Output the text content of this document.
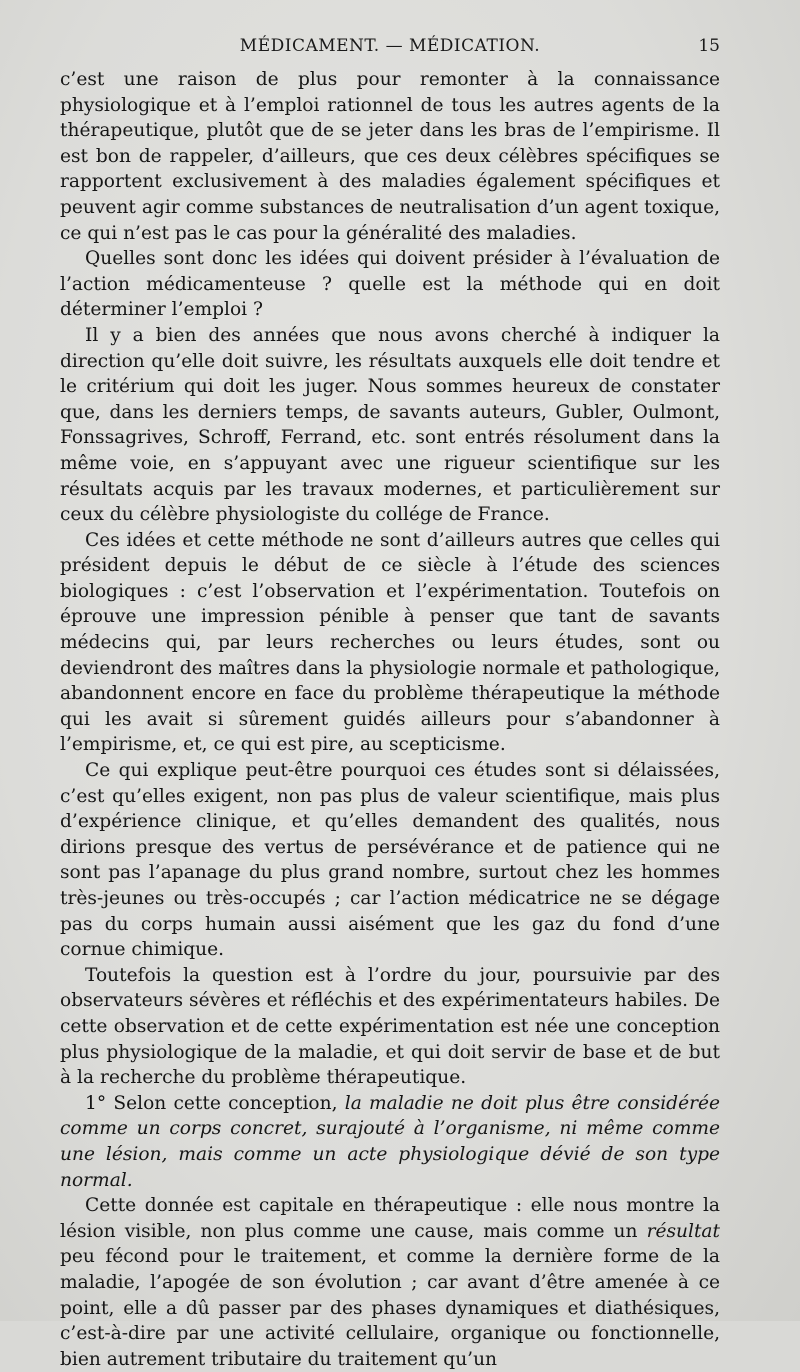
MÉDICAMENT. — MÉDICATION.	15

c’est une raison de plus pour remonter à la connaissance physiologique et à l’emploi rationnel de tous les autres agents de la thérapeutique, plutôt que de se jeter dans les bras de l’empirisme. Il est bon de rappeler, d’ailleurs, que ces deux célèbres spécifiques se rapportent exclusivement à des maladies également spécifiques et peuvent agir comme substances de neutralisation d’un agent toxique, ce qui n’est pas le cas pour la généralité des maladies.

Quelles sont donc les idées qui doivent présider à l’évaluation de l’action médicamenteuse ? quelle est la méthode qui en doit déterminer l’emploi ?

Il y a bien des années que nous avons cherché à indiquer la direction qu’elle doit suivre, les résultats auxquels elle doit tendre et le critérium qui doit les juger. Nous sommes heureux de constater que, dans les derniers temps, de savants auteurs, Gubler, Oulmont, Fonssagrives, Schroff, Ferrand, etc. sont entrés résolument dans la même voie, en s’appuyant avec une rigueur scientifique sur les résultats acquis par les travaux modernes, et particulièrement sur ceux du célèbre physiologiste du collége de France.

Ces idées et cette méthode ne sont d’ailleurs autres que celles qui président depuis le début de ce siècle à l’étude des sciences biologiques : c’est l’observation et l’expérimentation. Toutefois on éprouve une impression pénible à penser que tant de savants médecins qui, par leurs recherches ou leurs études, sont ou deviendront des maîtres dans la physiologie normale et pathologique, abandonnent encore en face du problème thérapeutique la méthode qui les avait si sûrement guidés ailleurs pour s’abandonner à l’empirisme, et, ce qui est pire, au scepticisme.

Ce qui explique peut-être pourquoi ces études sont si délaissées, c’est qu’elles exigent, non pas plus de valeur scientifique, mais plus d’expérience clinique, et qu’elles demandent des qualités, nous dirions presque des vertus de persévérance et de patience qui ne sont pas l’apanage du plus grand nombre, surtout chez les hommes très-jeunes ou très-occupés ; car l’action médicatrice ne se dégage pas du corps humain aussi aisément que les gaz du fond d’une cornue chimique.

Toutefois la question est à l’ordre du jour, poursuivie par des observateurs sévères et réfléchis et des expérimentateurs habiles. De cette observation et de cette expérimentation est née une conception plus physiologique de la maladie, et qui doit servir de base et de but à la recherche du problème thérapeutique.

1° Selon cette conception, la maladie ne doit plus être considérée comme un corps concret, surajouté à l’organisme, ni même comme une lésion, mais comme un acte physiologique dévié de son type normal.

Cette donnée est capitale en thérapeutique : elle nous montre la lésion visible, non plus comme une cause, mais comme un résultat peu fécond pour le traitement, et comme la dernière forme de la maladie, l’apogée de son évolution ; car avant d’être amenée à ce point, elle a dû passer par des phases dynamiques et diathésiques, c’est-à-dire par une activité cellulaire, organique ou fonctionnelle, bien autrement tributaire du traitement qu’un
